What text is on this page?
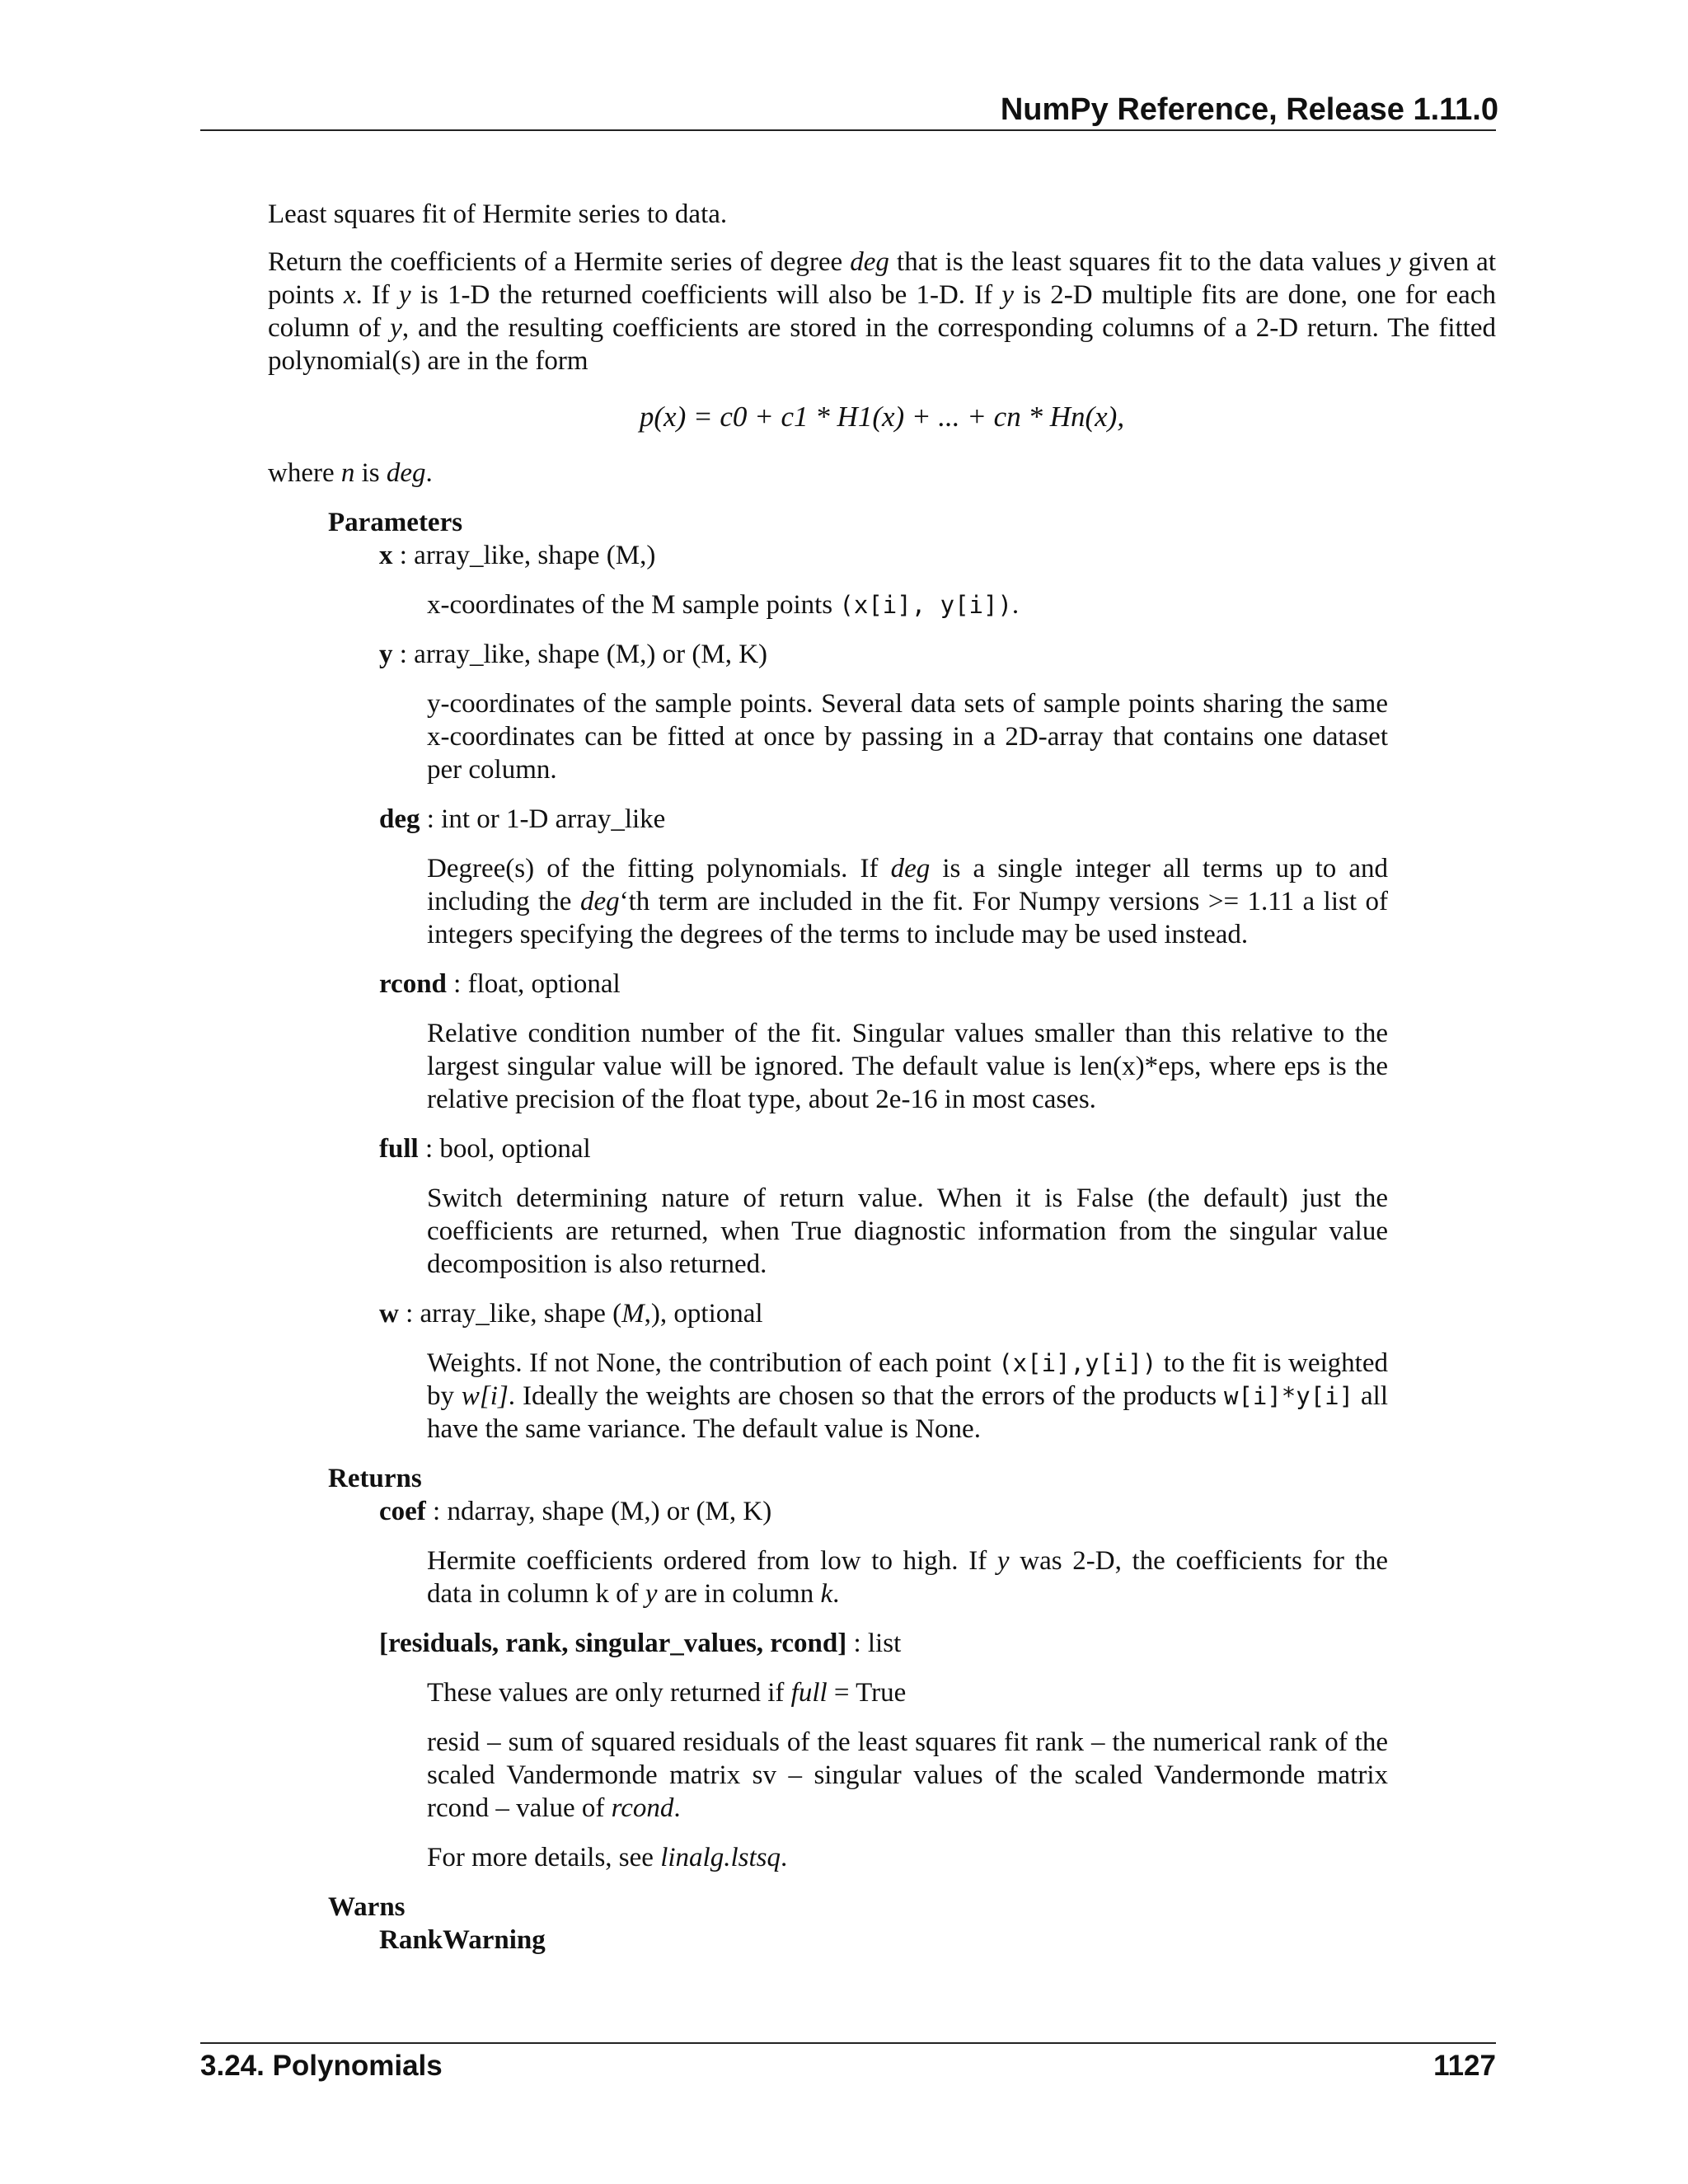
NumPy Reference, Release 1.11.0

Least squares fit of Hermite series to data.

Return the coefficients of a Hermite series of degree deg that is the least squares fit to the data values y given at points x. If y is 1-D the returned coefficients will also be 1-D. If y is 2-D multiple fits are done, one for each column of y, and the resulting coefficients are stored in the corresponding columns of a 2-D return. The fitted polynomial(s) are in the form

p(x) = c0 + c1 * H1(x) + ... + cn * Hn(x),

where n is deg.

Parameters
x : array_like, shape (M,)
x-coordinates of the M sample points (x[i], y[i]).
y : array_like, shape (M,) or (M, K)
y-coordinates of the sample points. Several data sets of sample points sharing the same x-coordinates can be fitted at once by passing in a 2D-array that contains one dataset per column.
deg : int or 1-D array_like
Degree(s) of the fitting polynomials. If deg is a single integer all terms up to and including the deg‘th term are included in the fit. For Numpy versions >= 1.11 a list of integers specifying the degrees of the terms to include may be used instead.
rcond : float, optional
Relative condition number of the fit. Singular values smaller than this relative to the largest singular value will be ignored. The default value is len(x)*eps, where eps is the relative precision of the float type, about 2e-16 in most cases.
full : bool, optional
Switch determining nature of return value. When it is False (the default) just the coefficients are returned, when True diagnostic information from the singular value decomposition is also returned.
w : array_like, shape (M,), optional
Weights. If not None, the contribution of each point (x[i],y[i]) to the fit is weighted by w[i]. Ideally the weights are chosen so that the errors of the products w[i]*y[i] all have the same variance. The default value is None.
Returns
coef : ndarray, shape (M,) or (M, K)
Hermite coefficients ordered from low to high. If y was 2-D, the coefficients for the data in column k of y are in column k.
[residuals, rank, singular_values, rcond] : list
These values are only returned if full = True
resid – sum of squared residuals of the least squares fit rank – the numerical rank of the scaled Vandermonde matrix sv – singular values of the scaled Vandermonde matrix rcond – value of rcond.
For more details, see linalg.lstsq.
Warns
RankWarning
3.24. Polynomials	1127
